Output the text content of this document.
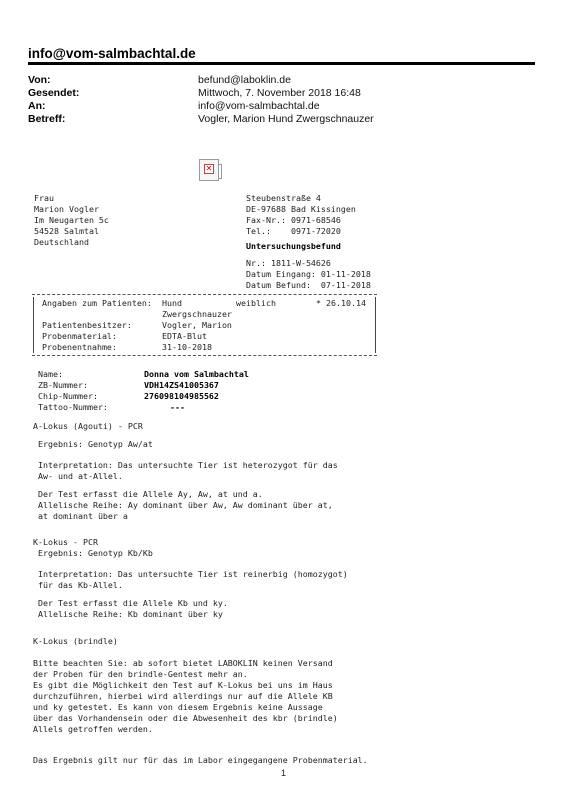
info@vom-salmbachtal.de
Von:	befund@laboklin.de
Gesendet:	Mittwoch, 7. November 2018 16:48
An:	info@vom-salmbachtal.de
Betreff:	Vogler, Marion Hund Zwergschnauzer

✕

Frau
Marion Vogler
Im Neugarten 5c
54528 Salmtal
Deutschland
Steubenstraße 4
DE-97688 Bad Kissingen
Fax-Nr.: 0971-68546
Tel.:    0971-72020
Untersuchungsbefund
Nr.: 1811-W-54626
Datum Eingang: 01-11-2018
Datum Befund:  07-11-2018
Angaben zum Patienten: Hund	weiblich	* 26.10.14
Zwergschnauzer
Patientenbesitzer:	Vogler, Marion
Probenmaterial:	EDTA-Blut
Probenentnahme:	31-10-2018
Name:	Donna vom Salmbachtal
ZB-Nummer:	VDH14ZS41005367
Chip-Nummer:	276098104985562
Tattoo-Nummer:	---
A-Lokus (Agouti) - PCR
Ergebnis: Genotyp Aw/at
Interpretation: Das untersuchte Tier ist heterozygot für das
Aw- und at-Allel.
Der Test erfasst die Allele Ay, Aw, at und a.
Allelische Reihe: Ay dominant über Aw, Aw dominant über at,
at dominant über a
K-Lokus - PCR
Ergebnis: Genotyp Kb/Kb
Interpretation: Das untersuchte Tier ist reinerbig (homozygot)
für das Kb-Allel.
Der Test erfasst die Allele Kb und ky.
Allelische Reihe: Kb dominant über ky
K-Lokus (brindle)
Bitte beachten Sie: ab sofort bietet LABOKLIN keinen Versand
der Proben für den brindle-Gentest mehr an.
Es gibt die Möglichkeit den Test auf K-Lokus bei uns im Haus
durchzuführen, hierbei wird allerdings nur auf die Allele KB
und ky getestet. Es kann von diesem Ergebnis keine Aussage
über das Vorhandensein oder die Abwesenheit des kbr (brindle)
Allels getroffen werden.
Das Ergebnis gilt nur für das im Labor eingegangene Probenmaterial.
1
